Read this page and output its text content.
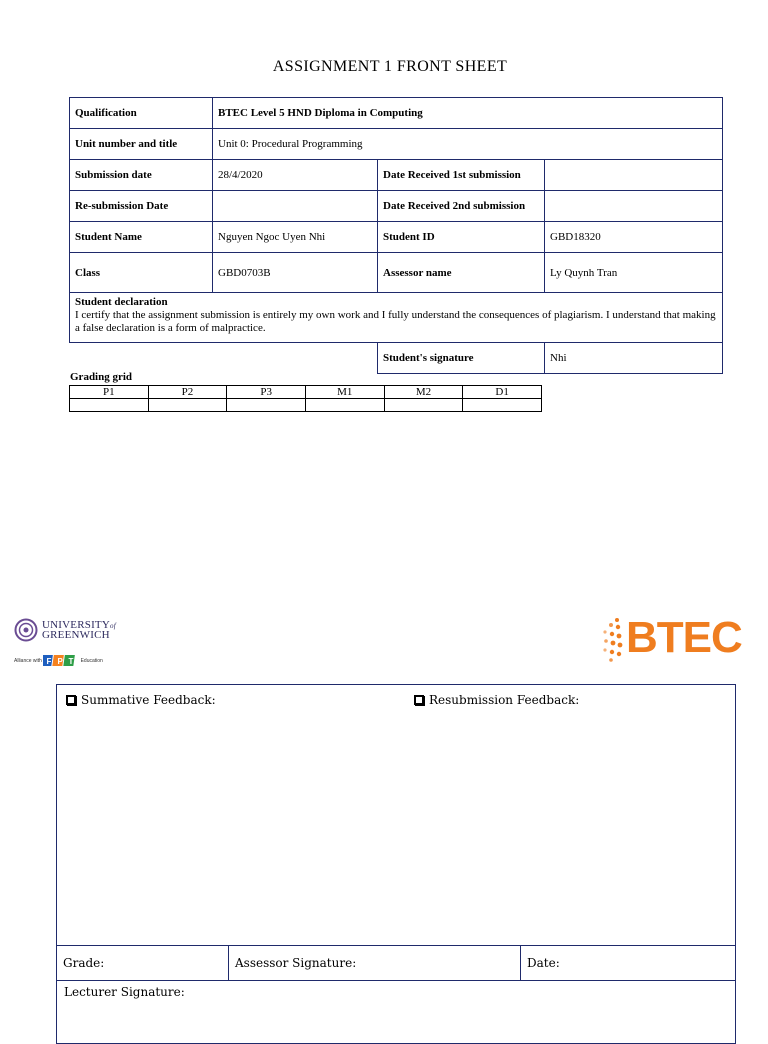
ASSIGNMENT 1 FRONT SHEET
Qualification	BTEC Level 5 HND Diploma in Computing		
Unit number and title	Unit 0: Procedural Programming		
Submission date	28/4/2020	Date Received 1st submission	
Re-submission Date		Date Received 2nd submission	
Student Name	Nguyen Ngoc Uyen Nhi	Student ID	GBD18320
Class	GBD0703B	Assessor name	Ly Quynh Tran

Student declaration
I certify that the assignment submission is entirely my own work and I fully understand the consequences of plagiarism. I understand that making a false declaration is a form of malpractice.			
		Student's signature	Nhi
Grading grid
P1	P2	P3	M1	M2	D1

UNIVERSITYof
GREENWICH
Alliance with F P T Education	BTEC
Summative Feedback:	Resubmission Feedback:
Grade:	Assessor Signature:	Date:
Lecturer Signature:
